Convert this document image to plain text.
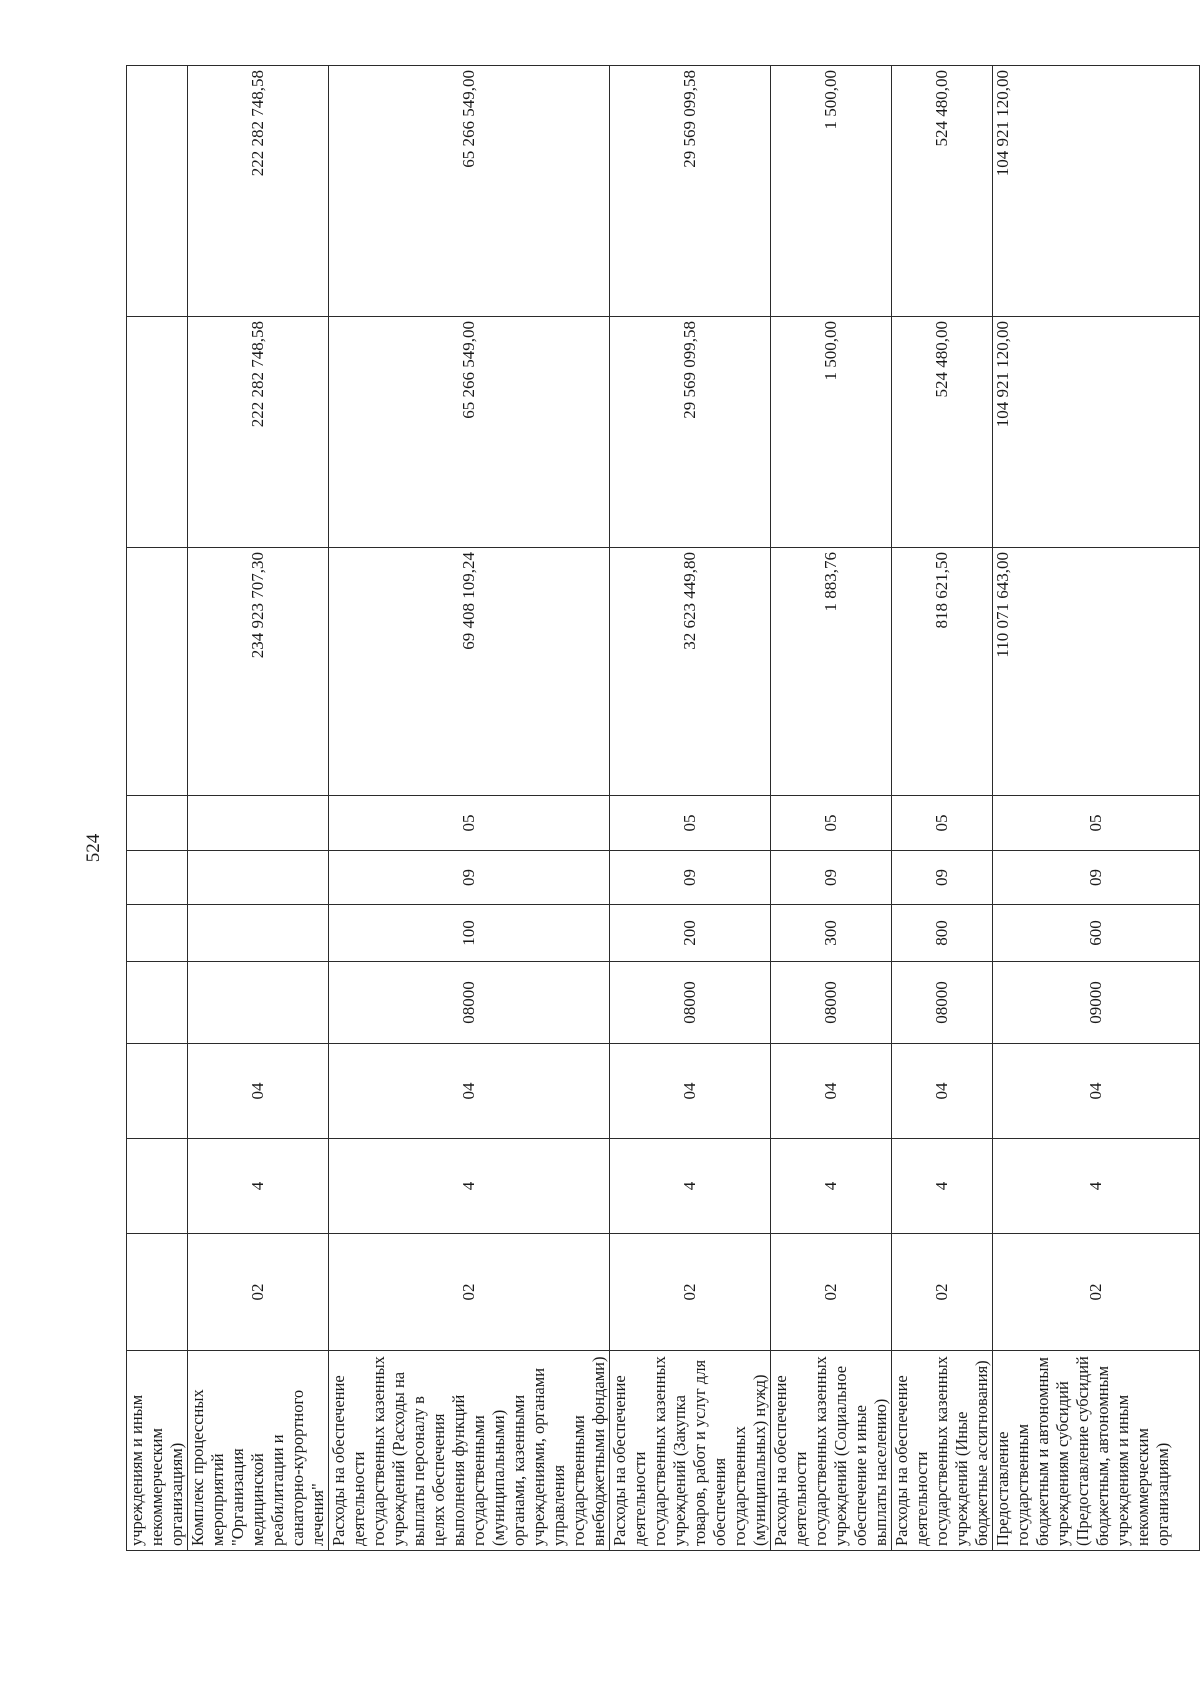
524
учреждениям и иным некоммерческим организациям)										
Комплекс процессных мероприятий "Организация медицинской реабилитации и санаторно-курортного лечения"	02	4	04					234 923 707,30	222 282 748,58	222 282 748,58
Расходы на обеспечение деятельности государственных казенных учреждений (Расходы на выплаты персоналу в целях обеспечения выполнения функций государственными (муниципальными) органами, казенными учреждениями, органами управления государственными внебюджетными фондами)	02	4	04	08000	100	09	05	69 408 109,24	65 266 549,00	65 266 549,00
Расходы на обеспечение деятельности государственных казенных учреждений (Закупка товаров, работ и услуг для обеспечения государственных (муниципальных) нужд)	02	4	04	08000	200	09	05	32 623 449,80	29 569 099,58	29 569 099,58
Расходы на обеспечение деятельности государственных казенных учреждений (Социальное обеспечение и иные выплаты населению)	02	4	04	08000	300	09	05	1 883,76	1 500,00	1 500,00
Расходы на обеспечение деятельности государственных казенных учреждений (Иные бюджетные ассигнования)	02	4	04	08000	800	09	05	818 621,50	524 480,00	524 480,00
Предоставление государственным бюджетным и автономным учреждениям субсидий (Предоставление субсидий бюджетным, автономным учреждениям и иным некоммерческим организациям)	02	4	04	09000	600	09	05	110 071 643,00	104 921 120,00	104 921 120,00
